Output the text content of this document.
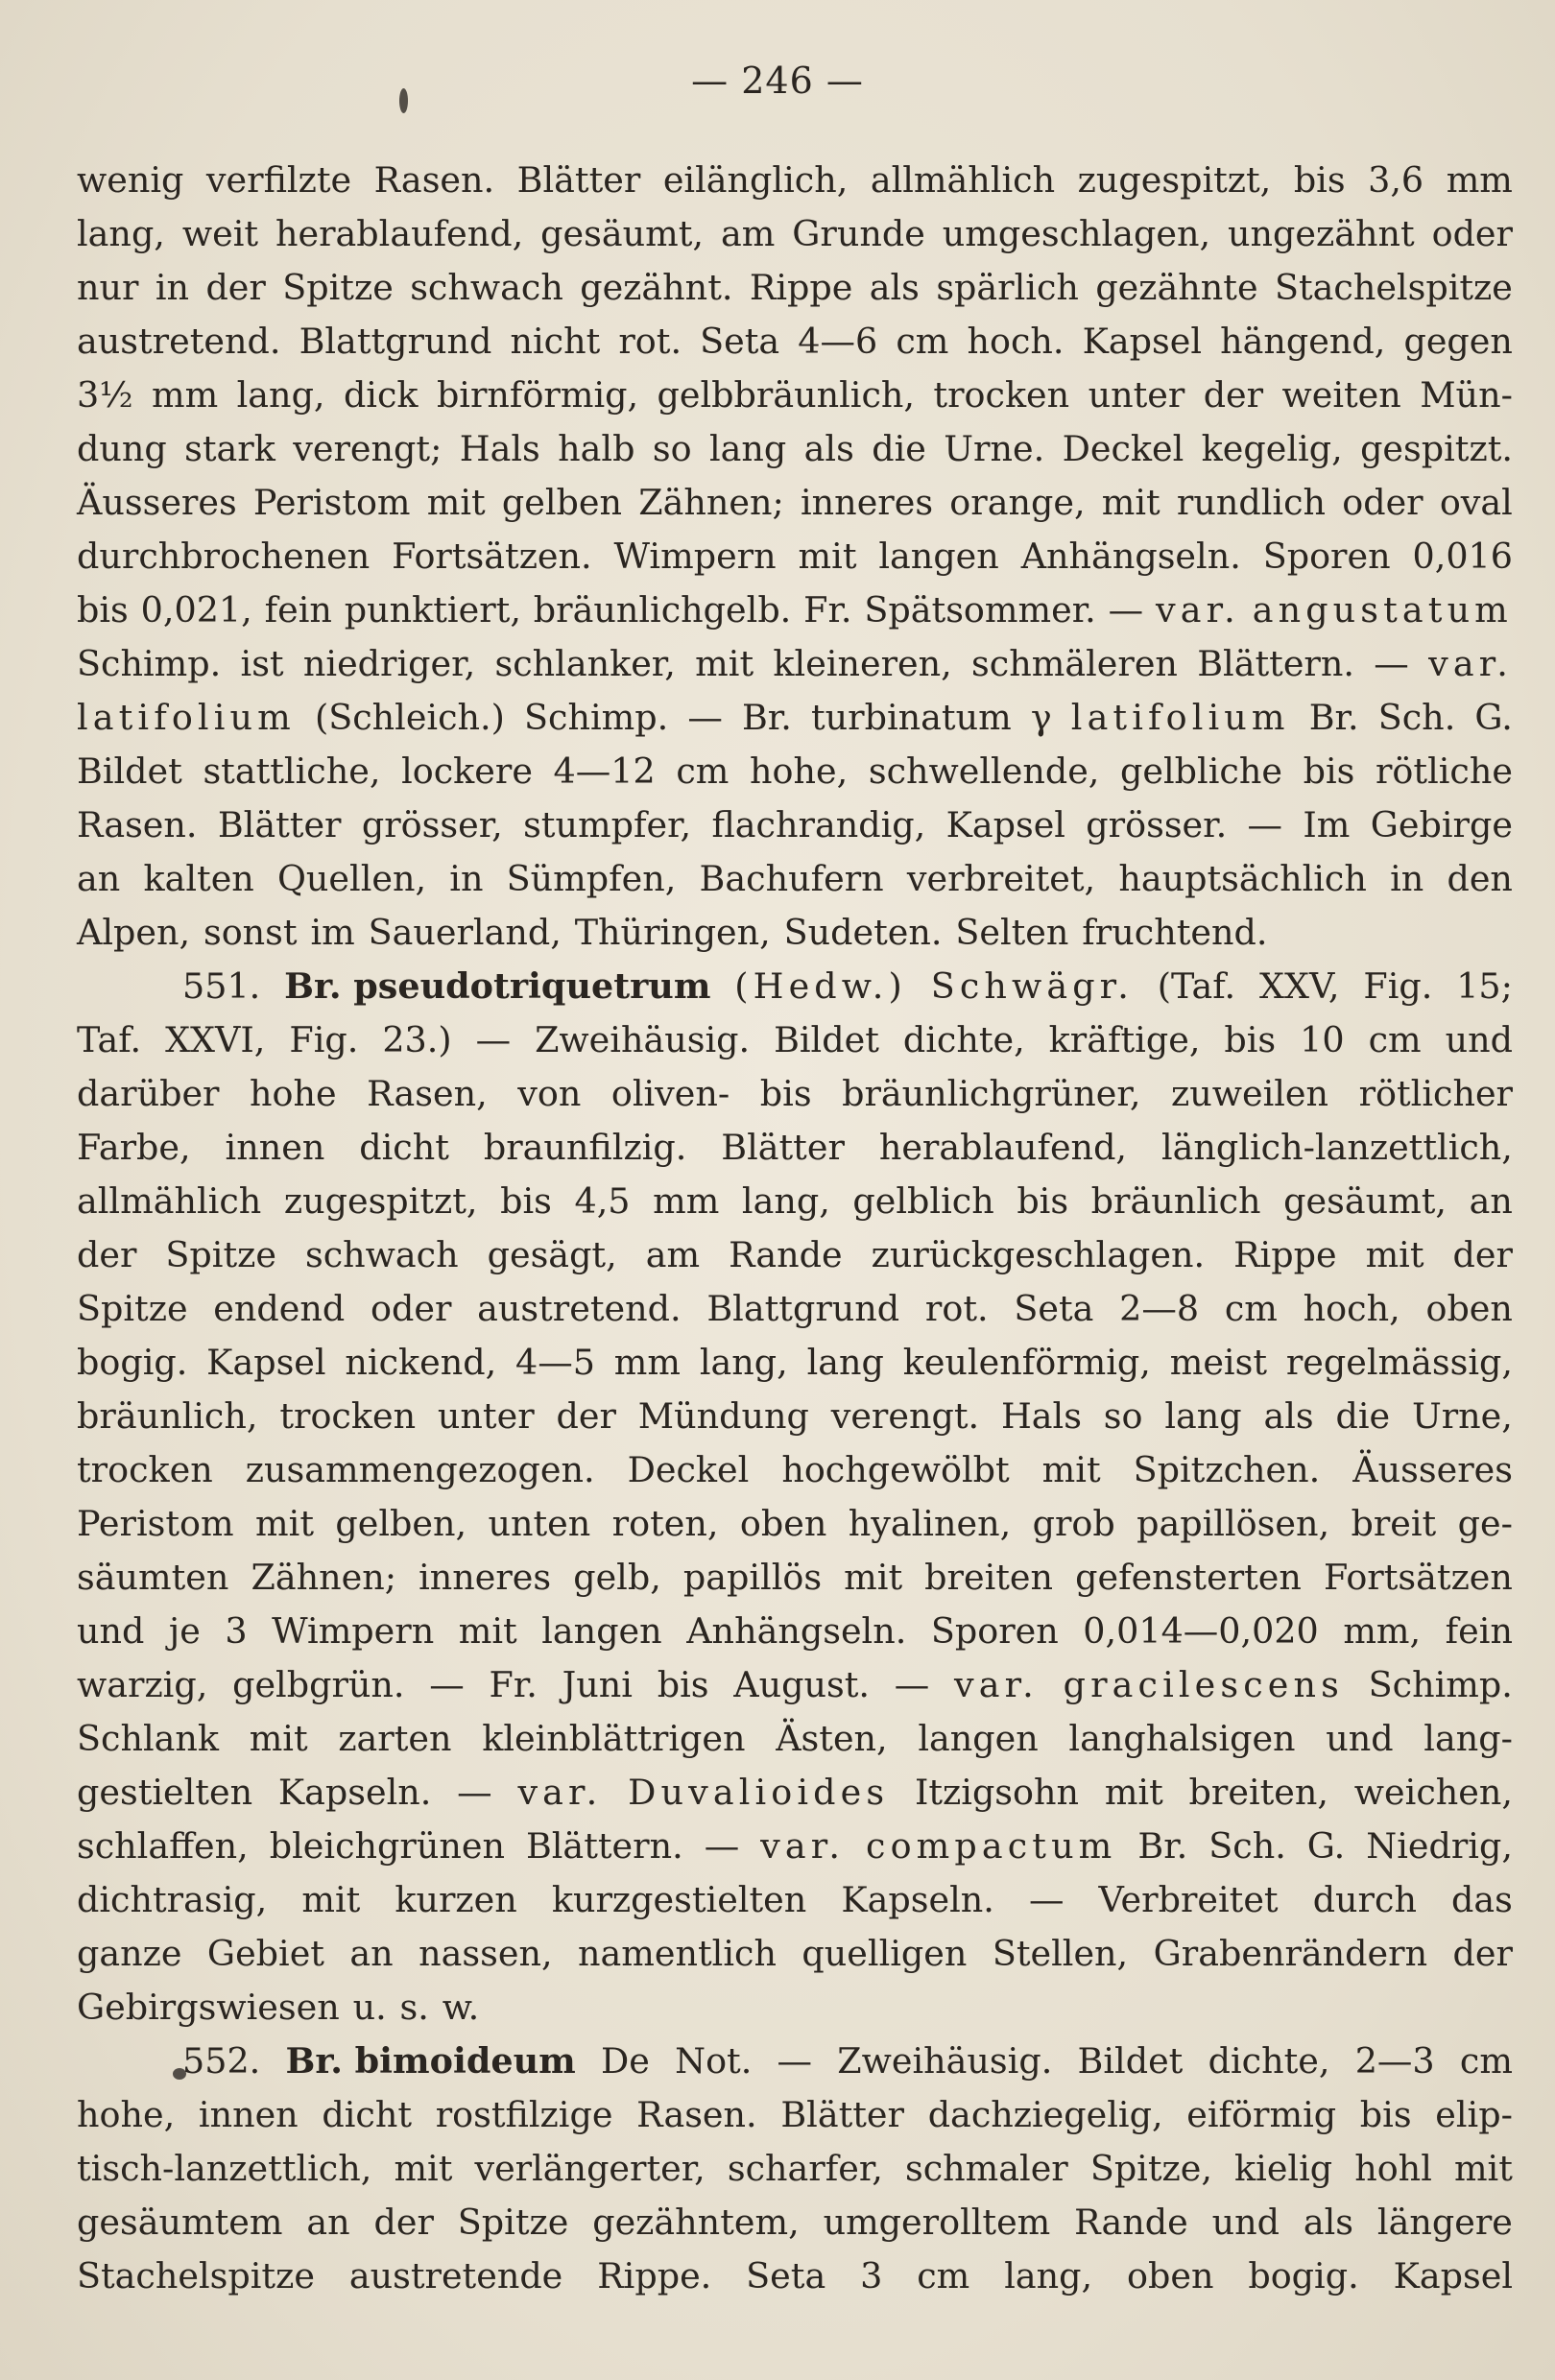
— 246 —
wenig verfilzte Rasen. Blätter eilänglich, allmählich zugespitzt, bis 3,6 mm
lang, weit herablaufend, gesäumt, am Grunde umgeschlagen, ungezähnt oder
nur in der Spitze schwach gezähnt. Rippe als spärlich gezähnte Stachelspitze
austretend. Blattgrund nicht rot. Seta 4—6 cm hoch. Kapsel hängend, gegen
3½ mm lang, dick birnförmig, gelbbräunlich, trocken unter der weiten Mün-
dung stark verengt; Hals halb so lang als die Urne. Deckel kegelig, gespitzt.
Äusseres Peristom mit gelben Zähnen; inneres orange, mit rundlich oder oval
durchbrochenen Fortsätzen. Wimpern mit langen Anhängseln. Sporen 0,016
bis 0,021, fein punktiert, bräunlichgelb. Fr. Spätsommer. — var. angustatum
Schimp. ist niedriger, schlanker, mit kleineren, schmäleren Blättern. — var.
latifolium (Schleich.) Schimp. — Br. turbinatum γ latifolium Br. Sch. G.
Bildet stattliche, lockere 4—12 cm hohe, schwellende, gelbliche bis rötliche
Rasen. Blätter grösser, stumpfer, flachrandig, Kapsel grösser. — Im Gebirge
an kalten Quellen, in Sümpfen, Bachufern verbreitet, hauptsächlich in den
Alpen, sonst im Sauerland, Thüringen, Sudeten. Selten fruchtend.
551. Br. pseudotriquetrum (Hedw.) Schwägr. (Taf. XXV, Fig. 15;
Taf. XXVI, Fig. 23.) — Zweihäusig. Bildet dichte, kräftige, bis 10 cm und
darüber hohe Rasen, von oliven- bis bräunlichgrüner, zuweilen rötlicher
Farbe, innen dicht braunfilzig. Blätter herablaufend, länglich-lanzettlich,
allmählich zugespitzt, bis 4,5 mm lang, gelblich bis bräunlich gesäumt, an
der Spitze schwach gesägt, am Rande zurückgeschlagen. Rippe mit der
Spitze endend oder austretend. Blattgrund rot. Seta 2—8 cm hoch, oben
bogig. Kapsel nickend, 4—5 mm lang, lang keulenförmig, meist regelmässig,
bräunlich, trocken unter der Mündung verengt. Hals so lang als die Urne,
trocken zusammengezogen. Deckel hochgewölbt mit Spitzchen. Äusseres
Peristom mit gelben, unten roten, oben hyalinen, grob papillösen, breit ge-
säumten Zähnen; inneres gelb, papillös mit breiten gefensterten Fortsätzen
und je 3 Wimpern mit langen Anhängseln. Sporen 0,014—0,020 mm, fein
warzig, gelbgrün. — Fr. Juni bis August. — var. gracilescens Schimp.
Schlank mit zarten kleinblättrigen Ästen, langen langhalsigen und lang-
gestielten Kapseln. — var. Duvalioides Itzigsohn mit breiten, weichen,
schlaffen, bleichgrünen Blättern. — var. compactum Br. Sch. G. Niedrig,
dichtrasig, mit kurzen kurzgestielten Kapseln. — Verbreitet durch das
ganze Gebiet an nassen, namentlich quelligen Stellen, Grabenrändern der
Gebirgswiesen u. s. w.
552. Br. bimoideum De Not. — Zweihäusig. Bildet dichte, 2—3 cm
hohe, innen dicht rostfilzige Rasen. Blätter dachziegelig, eiförmig bis elip-
tisch-lanzettlich, mit verlängerter, scharfer, schmaler Spitze, kielig hohl mit
gesäumtem an der Spitze gezähntem, umgerolltem Rande und als längere
Stachelspitze austretende Rippe. Seta 3 cm lang, oben bogig. Kapsel
